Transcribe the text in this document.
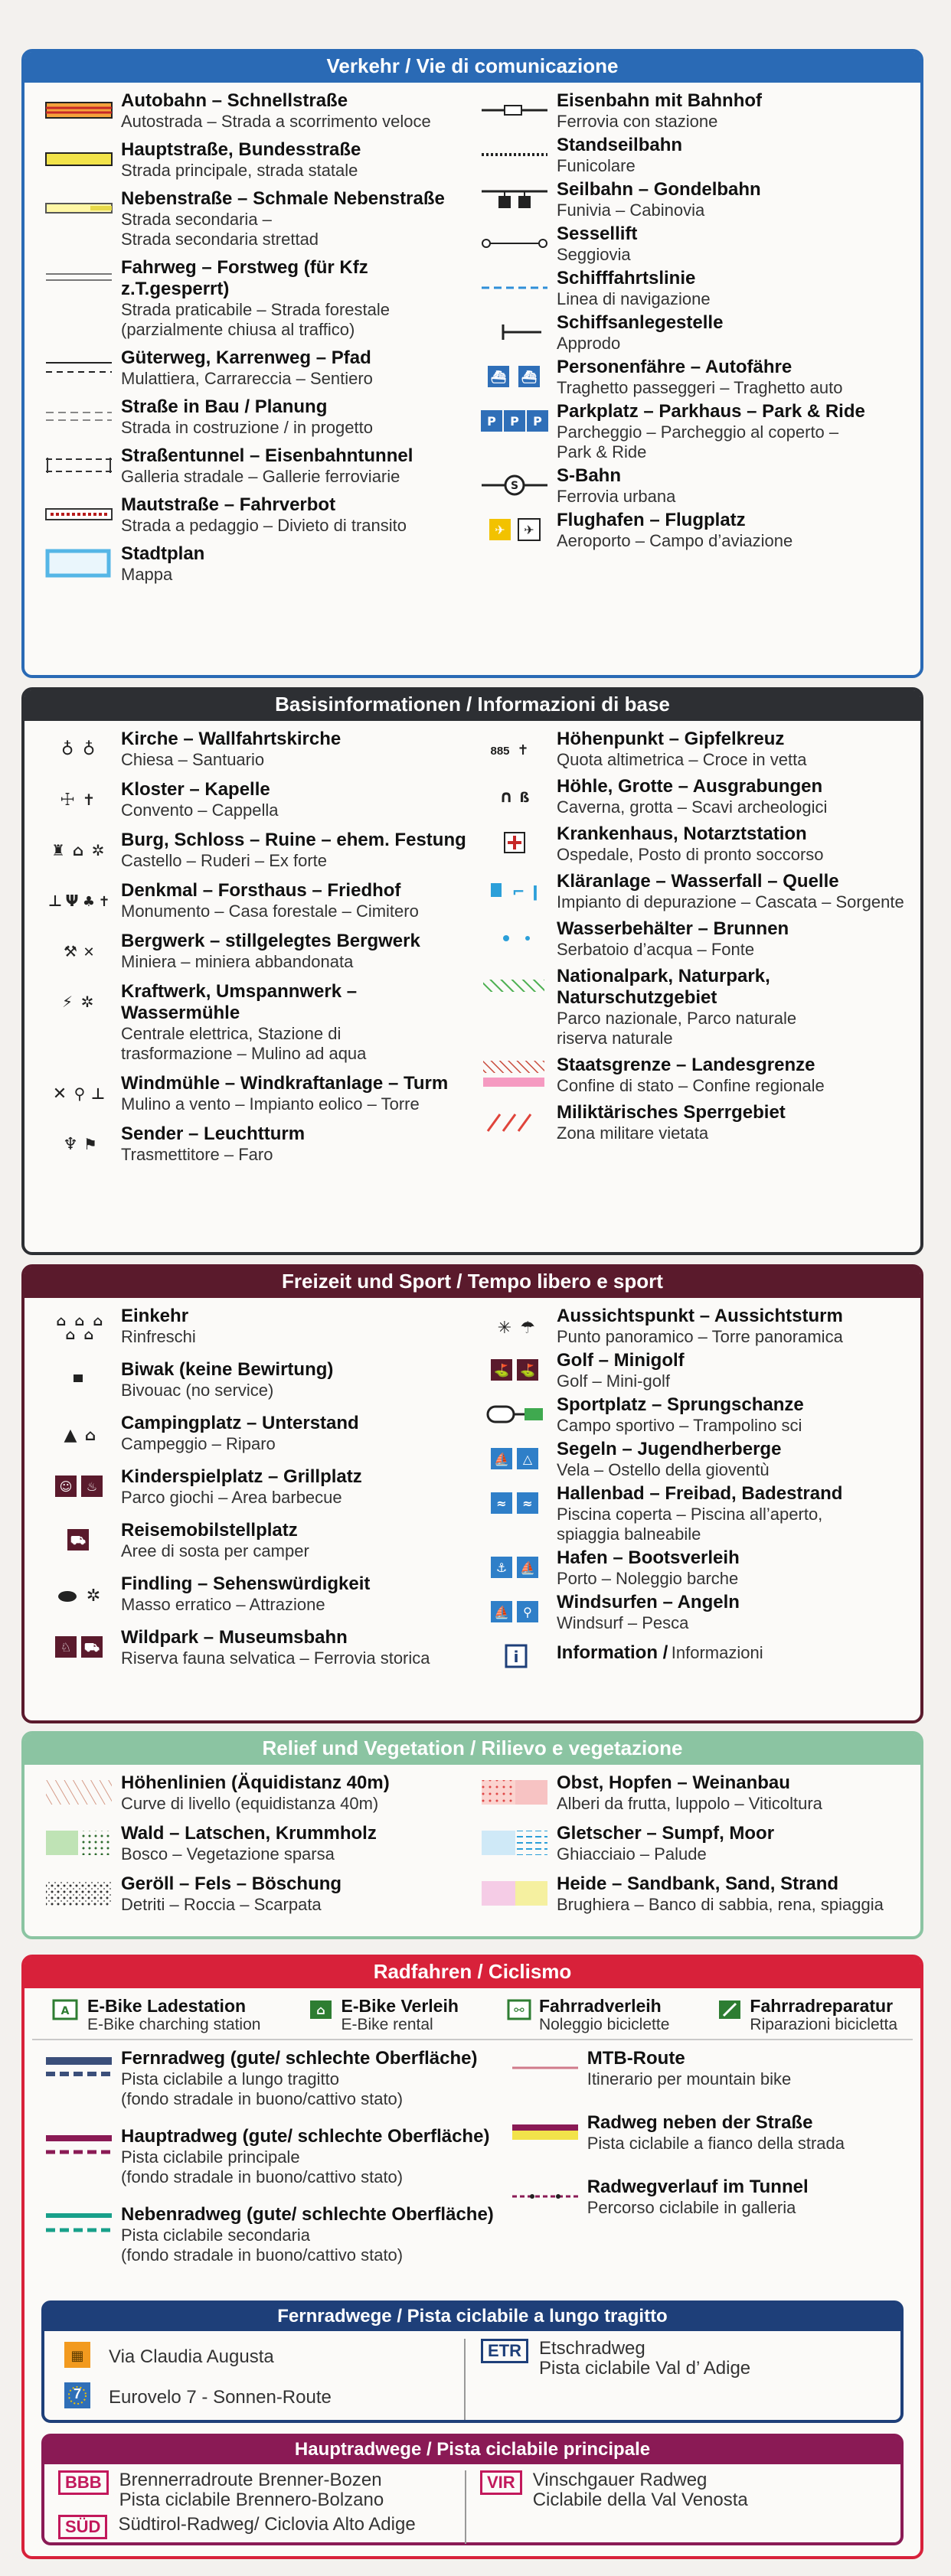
Verkehr / Vie di comunicazione
Autobahn – Schnellstraße
Autostrada – Strada a scorrimento veloce
Hauptstraße, Bundesstraße
Strada principale, strada statale
Nebenstraße – Schmale Nebenstraße
Strada secondaria –
Strada secondaria strettad
Fahrweg – Forstweg (für Kfz z.T.gesperrt)
Strada praticabile – Strada forestale
(parzialmente chiusa al traffico)
Güterweg, Karrenweg – Pfad
Mulattiera, Carrareccia – Sentiero
Straße in Bau / Planung
Strada in costruzione / in progetto
Straßentunnel – Eisenbahntunnel
Galleria stradale – Gallerie ferroviarie
Mautstraße – Fahrverbot
Strada a pedaggio – Divieto di transito
Stadtplan
Mappa
Eisenbahn mit Bahnhof
Ferrovia con stazione
Standseilbahn
Funicolare
Seilbahn – Gondelbahn
Funivia – Cabinovia
Sessellift
Seggiovia
Schifffahrtslinie
Linea di navigazione
Schiffsanlegestelle
Approdo
⛴ ⛴ Personenfähre – Autofähre
Traghetto passeggeri – Traghetto auto
P P P Parkplatz – Parkhaus – Park & Ride
Parcheggio – Parcheggio al coperto –
Park & Ride
S S-Bahn
Ferrovia urbana
✈ ✈ Flughafen – Flugplatz
Aeroporto – Campo d’aviazione
Basisinformationen / Informazioni di base
♁ ♁
Kirche – Wallfahrtskirche
Chiesa – Santuario
☩ ✝ Kloster – Kapelle
Convento – Cappella
♜ ⌂ ✲ Burg, Schloss – Ruine – ehem. Festung
Castello – Ruderi – Ex forte
⊥ Ψ ♣ ✝
Denkmal – Forsthaus – Friedhof
Monumento – Casa forestale – Cimitero
⚒ ✕
Bergwerk – stillgelegtes Bergwerk
Miniera – miniera abbandonata
⚡ ✲ Kraftwerk, Umspannwerk – Wassermühle
Centrale elettrica, Stazione di
trasformazione – Mulino ad aqua
✕ ⚲ ⊥ Windmühle – Windkraftanlage – Turm
Mulino a vento – Impianto eolico – Torre
♆ ⚑ Sender – Leuchtturm
Trasmettitore – Faro
✝
885
Höhenpunkt – Gipfelkreuz
Quota altimetrica – Croce in vetta
∩ ß
Höhle, Grotte – Ausgrabungen
Caverna, grotta – Scavi archeologici
Krankenhaus, Notarztstation
Ospedale, Posto di pronto soccorso
⌐ ǀ Kläranlage – Wasserfall – Quelle
Impianto di depurazione – Cascata – Sorgente
Wasserbehälter – Brunnen
Serbatoio d’acqua – Fonte
Nationalpark, Naturpark,
Naturschutzgebiet
Parco nazionale, Parco naturale
riserva naturale
Staatsgrenze – Landesgrenze
Confine di stato – Confine regionale
Miliktärisches Sperrgebiet
Zona militare vietata
Freizeit und Sport / Tempo libero e sport
⌂ ⌂ ⌂
⌂ ⌂
Einkehr
Rinfreschi
Biwak (keine Bewirtung)
Bivouac (no service)
▲ ⌂
Campingplatz – Unterstand
Campeggio – Riparo
☺ ♨ Kinderspielplatz – Grillplatz
Parco giochi – Area barbecue
⛟ Reisemobilstellplatz
Aree di sosta per camper
✲
Findling – Sehenswürdigkeit
Masso erratico – Attrazione
♘ ⛟ Wildpark – Museumsbahn
Riserva fauna selvatica – Ferrovia storica
✳ ☂
Aussichtspunkt – Aussichtsturm
Punto panoramico – Torre panoramica
⛳ ⛳ Golf – Minigolf
Golf – Mini-golf
Sportplatz – Sprungschanze
Campo sportivo – Trampolino sci
⛵ △ Segeln – Jugendherberge
Vela – Ostello della gioventù
≈ ≈ Hallenbad – Freibad, Badestrand
Piscina coperta – Piscina all’aperto,
spiaggia balneabile
⚓ ⛵ Hafen – Bootsverleih
Porto – Noleggio barche
⛵ ⚲ Windsurfen – Angeln
Windsurf – Pesca
i Information / Informazioni
Relief und Vegetation / Rilievo e vegetazione
Höhenlinien (Äquidistanz 40m)
Curve di livello (equidistanza 40m)
Wald – Latschen, Krummholz
Bosco – Vegetazione sparsa
Geröll – Fels – Böschung
Detriti – Roccia – Scarpata
Obst, Hopfen – Weinanbau
Alberi da frutta, luppolo – Viticoltura
Gletscher – Sumpf, Moor
Ghiacciaio – Palude
Heide – Sandbank, Sand, Strand
Brughiera – Banco di sabbia, rena, spiaggia
Radfahren / Ciclismo
A E-Bike Ladestation
E-Bike charching station
⌂ E-Bike Verleih
E-Bike rental
⚯ Fahrradverleih
Noleggio biciclette
Fahrradreparatur
Riparazioni bicicletta
Fernradweg (gute/ schlechte Oberfläche)
Pista ciclabile a lungo tragitto
(fondo stradale in buono/cattivo stato)
Hauptradweg (gute/ schlechte Oberfläche)
Pista ciclabile principale
(fondo stradale in buono/cattivo stato)
Nebenradweg (gute/ schlechte Oberfläche)
Pista ciclabile secondaria
(fondo stradale in buono/cattivo stato)
MTB-Route
Itinerario per mountain bike
Radweg neben der Straße
Pista ciclabile a fianco della strada
Radwegverlauf im Tunnel
Percorso ciclabile in galleria
Fernradwege / Pista ciclabile a lungo tragitto
▦ Via Claudia Augusta
7 Eurovelo 7 - Sonnen-Route
ETR Etschradweg
Pista ciclabile Val d’ Adige
Hauptradwege / Pista ciclabile principale
BBB Brennerradroute Brenner-Bozen
Pista ciclabile Brennero-Bolzano
SÜD Südtirol-Radweg/ Ciclovia Alto Adige
VIR Vinschgauer Radweg
Ciclabile della Val Venosta
